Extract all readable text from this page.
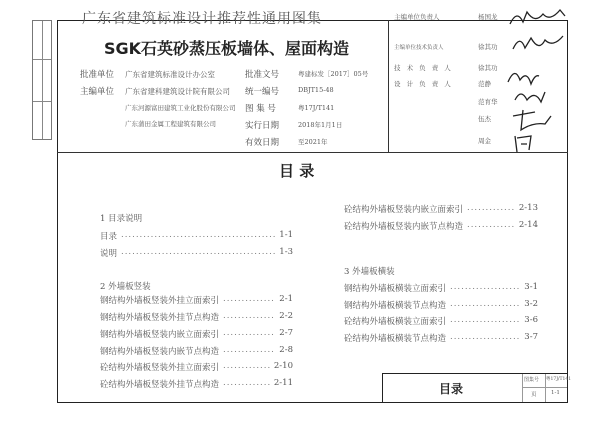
广东省建筑标准设计推荐性通用图集
SGK石英砂蒸压板墙体、屋面构造
批准单位 广东省建筑标准设计办公室
主编单位 广东省建科建筑设计院有限公司
广东河源富田建筑工业化股份有限公司
广东蒲田金属工程建筑有限公司
批准文号	粤建标发［2017］05号
统一编号	DBJT15-48
图 集 号	粤17J/T141
实行日期	2018年1月1日
有效日期	至2021年
主编单位负责人	杨国龙
主编单位技术负责人	徐其功
技 术 负 责 人	徐其功
设 计 负 责 人	范静
范育华
伍杰
周金
目 录
1 目录说明
目录 .....	1-1
说明 .....	1-3
2 外墙板竖装
钢结构外墙板竖装外挂立面索引 .....	2-1
钢结构外墙板竖装外挂节点构造 .....	2-2
钢结构外墙板竖装内嵌立面索引 .....	2-7
钢结构外墙板竖装内嵌节点构造 .....	2-8
砼结构外墙板竖装外挂立面索引 .....	2-10
砼结构外墙板竖装外挂节点构造 .....	2-11
砼结构外墙板竖装内嵌立面索引 .....	2-13
砼结构外墙板竖装内嵌节点构造 .....	2-14
3 外墙板横装
钢结构外墙板横装立面索引 .....	3-1
钢结构外墙板横装节点构造 .....	3-2
砼结构外墙板横装立面索引 .....	3-6
砼结构外墙板横装节点构造 .....	3-7
目录
图集号 粤17J/T141
页	1-1
